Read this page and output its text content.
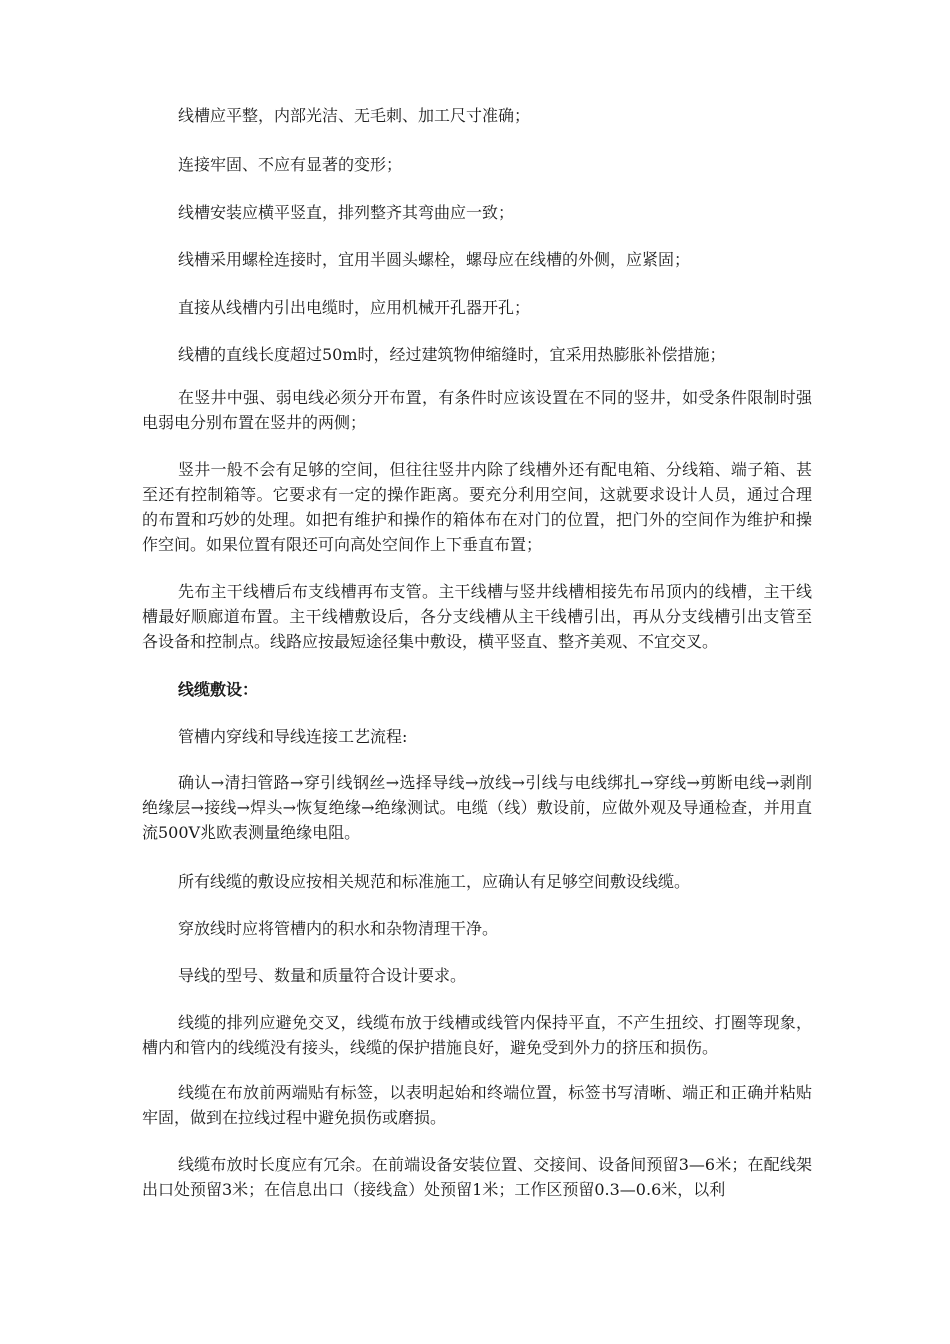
线槽应平整，内部光洁、无毛刺、加工尺寸准确；

连接牢固、不应有显著的变形；

线槽安装应横平竖直，排列整齐其弯曲应一致；

线槽采用螺栓连接时，宜用半圆头螺栓，螺母应在线槽的外侧，应紧固；

直接从线槽内引出电缆时，应用机械开孔器开孔；

线槽的直线长度超过50m时，经过建筑物伸缩缝时，宜采用热膨胀补偿措施；

在竖井中强、弱电线必须分开布置，有条件时应该设置在不同的竖井，如受条件限制时强电弱电分别布置在竖井的两侧；

竖井一般不会有足够的空间，但往往竖井内除了线槽外还有配电箱、分线箱、端子箱、甚至还有控制箱等。它要求有一定的操作距离。要充分利用空间，这就要求设计人员，通过合理的布置和巧妙的处理。如把有维护和操作的箱体布在对门的位置，把门外的空间作为维护和操作空间。如果位置有限还可向高处空间作上下垂直布置；

先布主干线槽后布支线槽再布支管。主干线槽与竖井线槽相接先布吊顶内的线槽，主干线槽最好顺廊道布置。主干线槽敷设后，各分支线槽从主干线槽引出，再从分支线槽引出支管至各设备和控制点。线路应按最短途径集中敷设，横平竖直、整齐美观、不宜交叉。

线缆敷设：

管槽内穿线和导线连接工艺流程:

确认→清扫管路→穿引线钢丝→选择导线→放线→引线与电线绑扎→穿线→剪断电线→剥削绝缘层→接线→焊头→恢复绝缘→绝缘测试。电缆（线）敷设前，应做外观及导通检查，并用直流500V兆欧表测量绝缘电阻。

所有线缆的敷设应按相关规范和标准施工，应确认有足够空间敷设线缆。

穿放线时应将管槽内的积水和杂物清理干净。

导线的型号、数量和质量符合设计要求。

线缆的排列应避免交叉，线缆布放于线槽或线管内保持平直，不产生扭绞、打圈等现象，槽内和管内的线缆没有接头，线缆的保护措施良好，避免受到外力的挤压和损伤。

线缆在布放前两端贴有标签，以表明起始和终端位置，标签书写清晰、端正和正确并粘贴牢固，做到在拉线过程中避免损伤或磨损。

线缆布放时长度应有冗余。在前端设备安装位置、交接间、设备间预留3—6米；在配线架出口处预留3米；在信息出口（接线盒）处预留1米；工作区预留0.3—0.6米，以利
